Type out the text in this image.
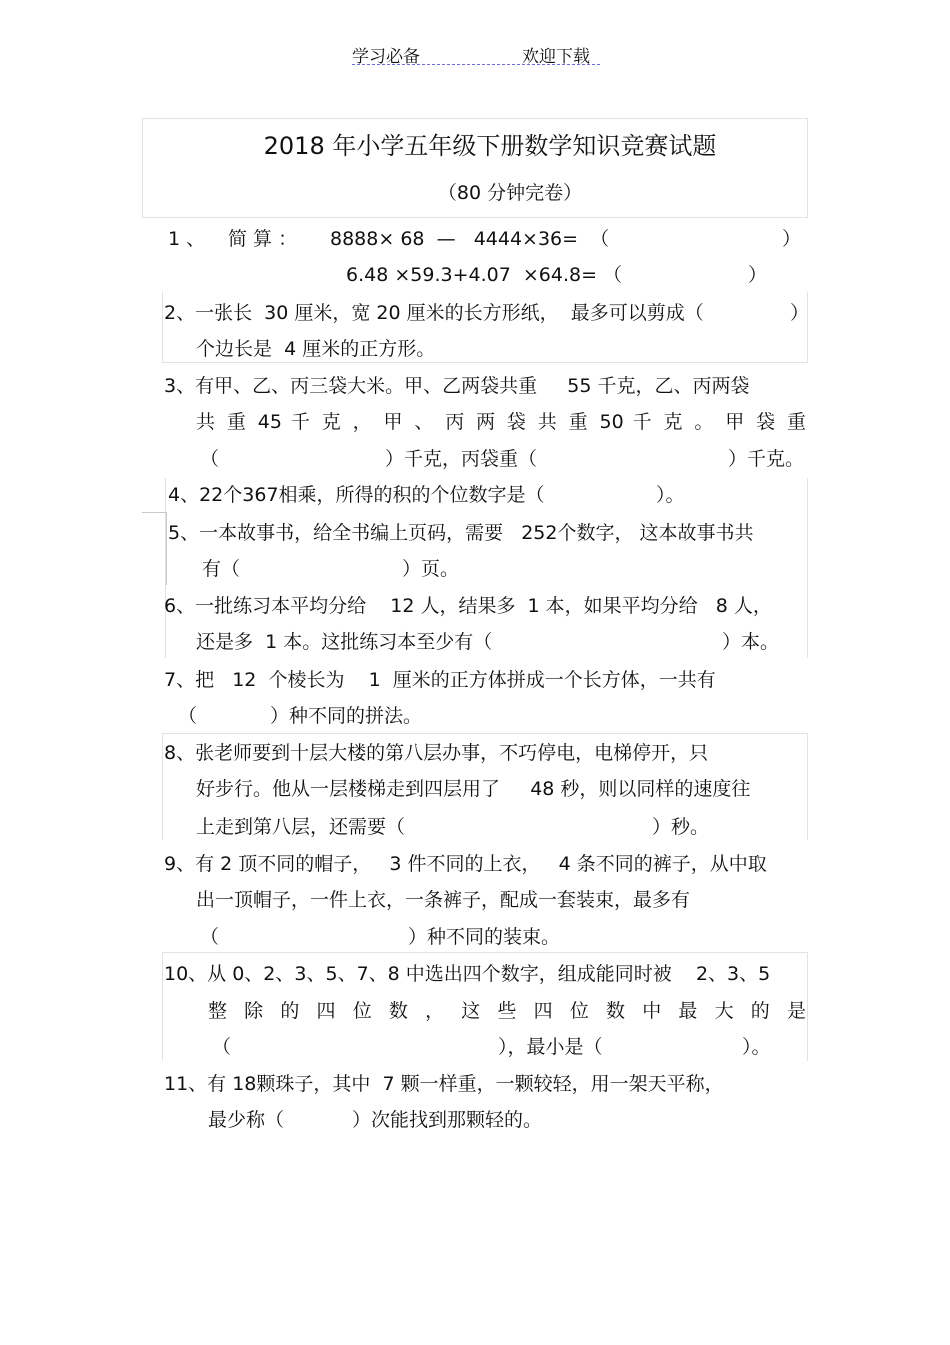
学习必备	欢迎下载
2018 年小学五年级下册数学知识竞赛试题
（80 分钟完卷）
1 、 简 算 ： 8888× 68  —   4444×36=  （	）
6.48 ×59.3+4.07  ×64.8= （	）
2、一张长  30 厘米，宽 20 厘米的长方形纸，  最多可以剪成（	）
个边长是  4 厘米的正方形。
3、有甲、乙、丙三袋大米。甲、乙两袋共重     55 千克，乙、丙两袋
共 重 45 千 克 ， 甲 、 丙 两 袋 共 重 50 千 克 。 甲 袋 重
（	）千克，丙袋重（	）千克。
4、22个367相乘，所得的积的个位数字是（	）。
5、一本故事书，给全书编上页码，需要   252个数字， 这本故事书共
有（	）页。
6、一批练习本平均分给    12 人，结果多  1 本，如果平均分给   8 人，
还是多  1 本。这批练习本至少有（	）本。
7、把   12  个棱长为    1  厘米的正方体拼成一个长方体，一共有
（	）种不同的拼法。
8、张老师要到十层大楼的第八层办事，不巧停电，电梯停开，只
好步行。他从一层楼梯走到四层用了     48 秒，则以同样的速度往
上走到第八层，还需要（	）秒。
9、有 2 顶不同的帽子，   3 件不同的上衣，   4 条不同的裤子，从中取
出一顶帽子，一件上衣，一条裤子，配成一套装束，最多有
（	）种不同的装束。
10、从 0、2、3、5、7、8 中选出四个数字，组成能同时被    2、3、5
整 除 的 四 位 数 ， 这 些 四 位 数 中 最 大 的 是
（	），最小是（	）。
11、有 18颗珠子，其中  7 颗一样重，一颗较轻，用一架天平称，
最少称（	）次能找到那颗轻的。
